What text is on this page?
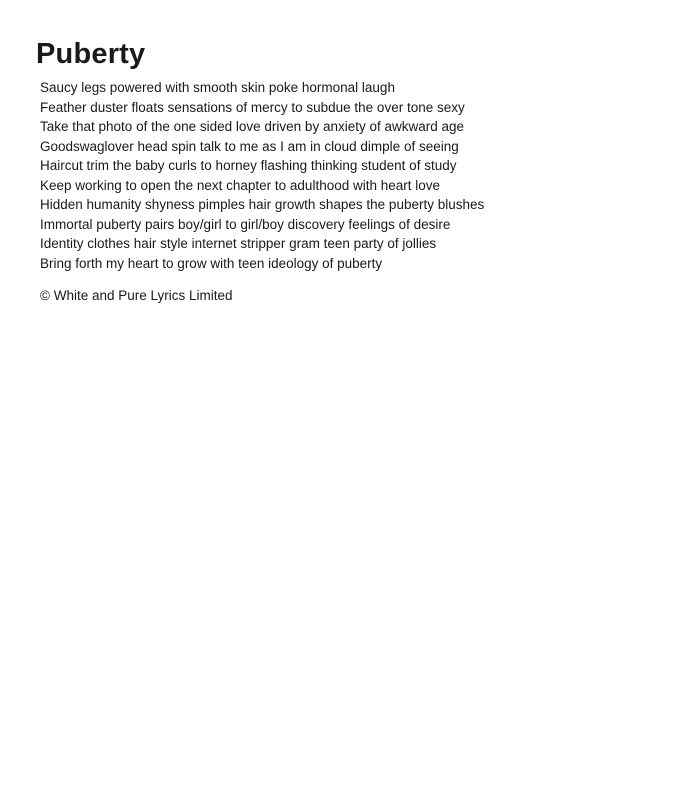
Puberty
Saucy legs powered with smooth skin poke hormonal laugh
Feather duster floats sensations of mercy to subdue the over tone sexy
Take that photo of the one sided love driven by anxiety of awkward age
Goodswaglover head spin talk to me as I am in cloud dimple of seeing
Haircut trim the baby curls to horney flashing thinking student of study
Keep working to open the next chapter to adulthood with heart love
Hidden humanity shyness pimples hair growth shapes the puberty blushes
Immortal puberty pairs boy/girl to girl/boy discovery feelings of desire
Identity clothes hair style internet stripper gram teen party of jollies
Bring forth my heart to grow with teen ideology of puberty

© White and Pure Lyrics Limited
